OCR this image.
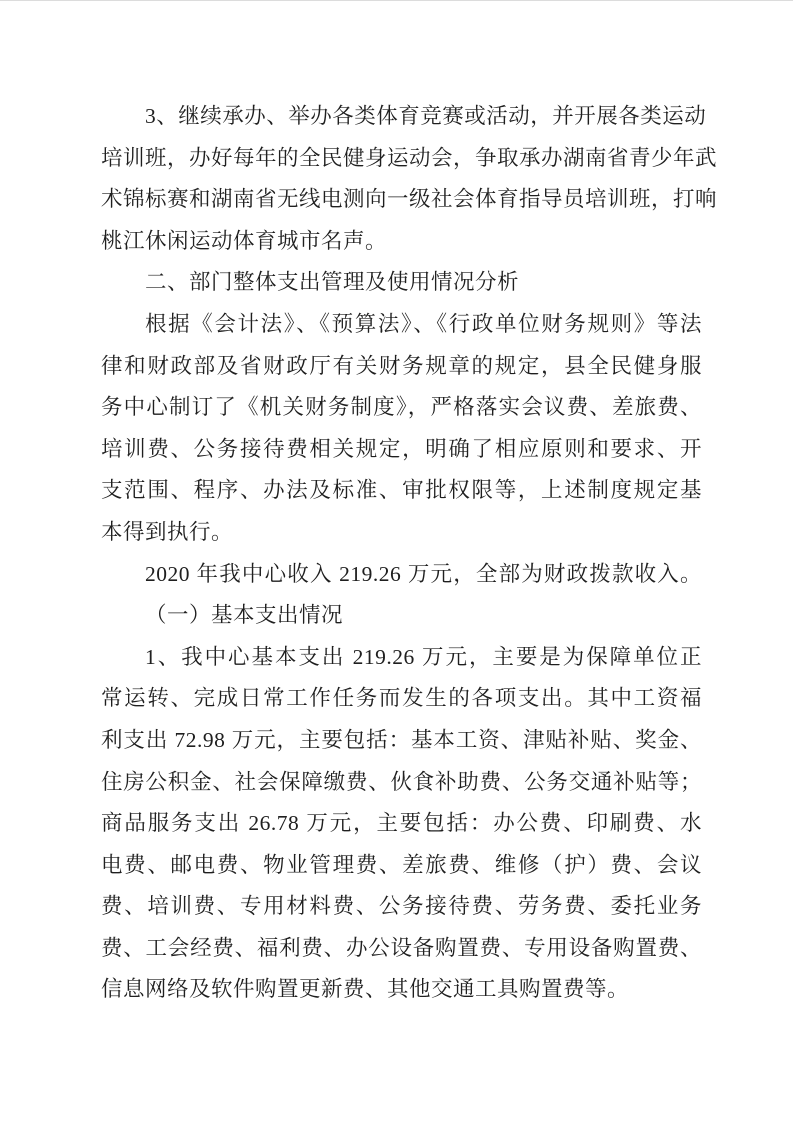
3、继续承办、举办各类体育竞赛或活动，并开展各类运动
培训班，办好每年的全民健身运动会，争取承办湖南省青少年武
术锦标赛和湖南省无线电测向一级社会体育指导员培训班，打响
桃江休闲运动体育城市名声。

二、部门整体支出管理及使用情况分析

根据《会计法》、《预算法》、《行政单位财务规则》等法
律和财政部及省财政厅有关财务规章的规定，县全民健身服
务中心制订了《机关财务制度》，严格落实会议费、差旅费、
培训费、公务接待费相关规定，明确了相应原则和要求、开
支范围、程序、办法及标准、审批权限等，上述制度规定基
本得到执行。

2020 年我中心收入 219.26 万元，全部为财政拨款收入。

（一）基本支出情况

1、我中心基本支出 219.26 万元，主要是为保障单位正
常运转、完成日常工作任务而发生的各项支出。其中工资福
利支出 72.98 万元，主要包括：基本工资、津贴补贴、奖金、
住房公积金、社会保障缴费、伙食补助费、公务交通补贴等；
商品服务支出 26.78 万元，主要包括：办公费、印刷费、水
电费、邮电费、物业管理费、差旅费、维修（护）费、会议
费、培训费、专用材料费、公务接待费、劳务费、委托业务
费、工会经费、福利费、办公设备购置费、专用设备购置费、
信息网络及软件购置更新费、其他交通工具购置费等。
